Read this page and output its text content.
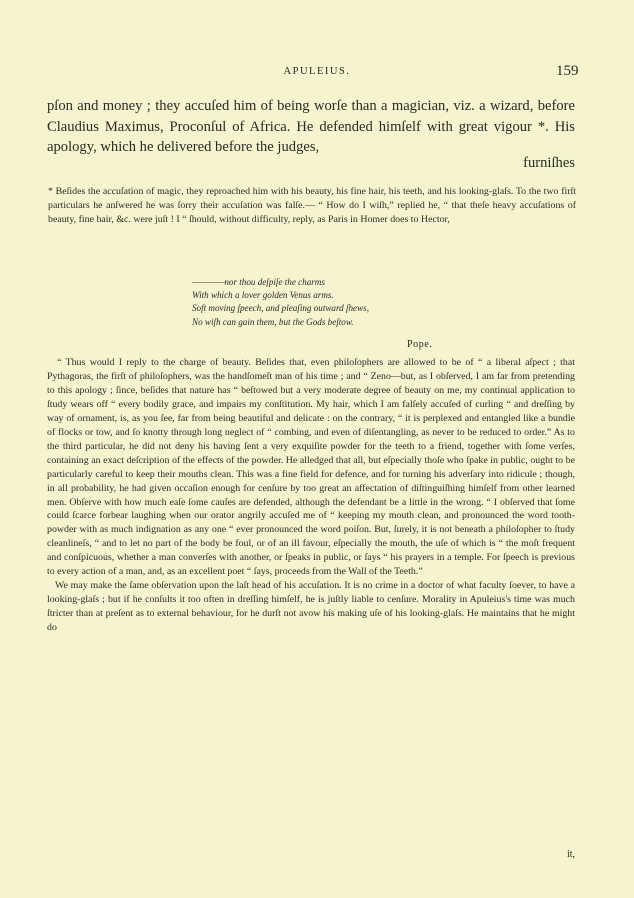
APULEIUS.	159
pſon and money ; they accuſed him of being worſe than a magician, viz. a wizard, before Claudius Maximus, Proconſul of Africa. He defended himſelf with great vigour *. His apology, which he delivered before the judges,
furniſhes

* Beſides the accuſation of magic, they reproached him with his beauty, his fine hair, his teeth, and his looking-glaſs. To the two firſt particulars he anſwered he was ſorry their accuſation was falſe.— “ How do I wiſh,” replied he, “ that theſe heavy accuſations of beauty, fine hair, &c. were juſt ! I “ ſhould, without difficulty, reply, as Paris in Homer does to Hector,

————nor thou deſpiſe the charms
With which a lover golden Venus arms.
Soft moving ſpeech, and pleaſing outward ſhews,
No wiſh can gain them, but the Gods beſtow.
Pope.

“ Thus would I reply to the charge of beauty. Beſides that, even philoſophers are allowed to be of “ a liberal aſpect ; that Pythagoras, the firſt of philoſophers, was the handſomeſt man of his time ; and “ Zeno—but, as I obſerved, I am far from pretending to this apology ; ſince, beſides that nature has “ beſtowed but a very moderate degree of beauty on me, my continual application to ſtudy wears off “ every bodily grace, and impairs my conſtitution. My hair, which I am falſely accuſed of curling “ and dreſſing by way of ornament, is, as you ſee, far from being beautiful and delicate : on the contrary, “ it is perplexed and entangled like a bundle of flocks or tow, and ſo knotty through long neglect of “ combing, and even of diſentangling, as never to be reduced to order.” As to the third particular, he did not deny his having ſent a very exquiſite powder for the teeth to a friend, together with ſome verſes, containing an exact deſcription of the effects of the powder. He alledged that all, but eſpecially thoſe who ſpake in public, ought to be particularly careful to keep their mouths clean. This was a fine field for defence, and for turning his adverſary into ridicule ; though, in all probability, he had given occaſion enough for cenſure by too great an affectation of diſtinguiſhing himſelf from other learned men. Obſerve with how much eaſe ſome cauſes are defended, although the defendant be a little in the wrong. “ I obſerved that ſome could ſcarce forbear laughing when our orator angrily accuſed me of “ keeping my mouth clean, and pronounced the word tooth-powder with as much indignation as any one “ ever pronounced the word poiſon. But, ſurely, it is not beneath a philoſopher to ſtudy cleanlineſs, “ and to let no part of the body be foul, or of an ill favour, eſpecially the mouth, the uſe of which is “ the moſt frequent and conſpicuous, whether a man converſes with another, or ſpeaks in public, or ſays “ his prayers in a temple. For ſpeech is previous to every action of a man, and, as an excellent poet “ ſays, proceeds from the Wall of the Teeth.”

We may make the ſame obſervation upon the laſt head of his accuſation. It is no crime in a doctor of what faculty ſoever, to have a looking-glaſs ; but if he conſults it too often in dreſſing himſelf, he is juſtly liable to cenſure. Morality in Apuleius's time was much ſtricter than at preſent as to external behaviour, for he durſt not avow his making uſe of his looking-glaſs. He maintains that he might do

it,
